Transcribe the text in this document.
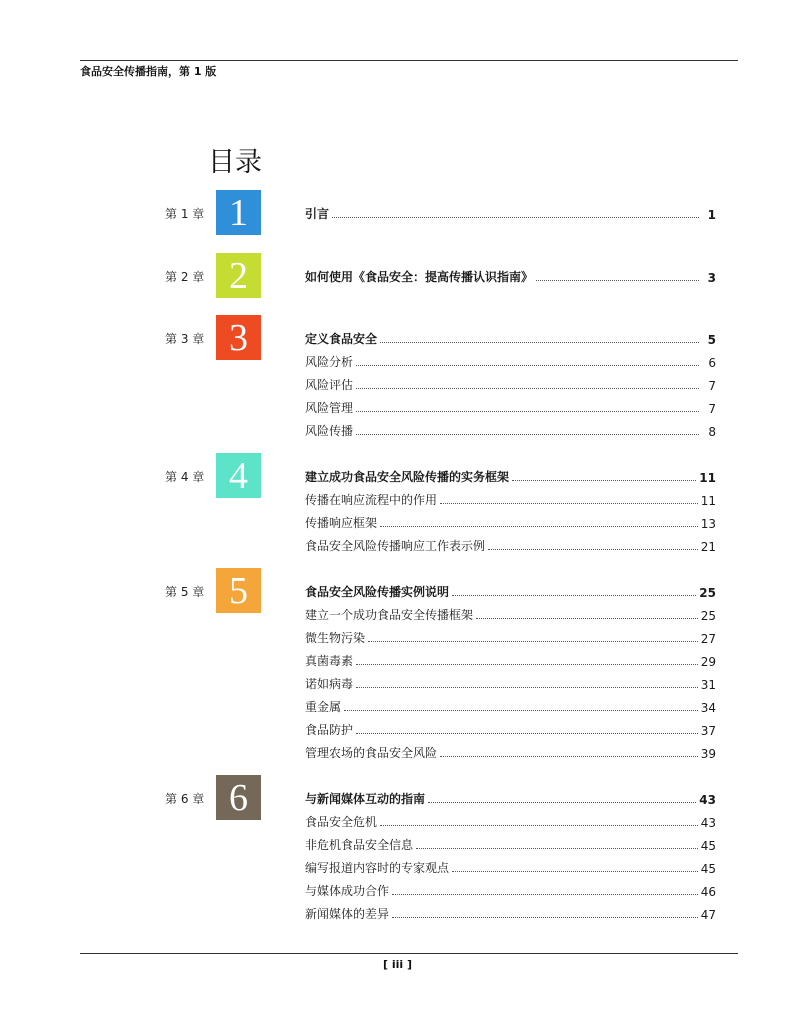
食品安全传播指南，第 1 版
目录
第 1 章 1	引言	1
第 2 章 2	如何使用《食品安全：提高传播认识指南》	3
第 3 章 3	定义食品安全	5
风险分析	6
风险评估	7
风险管理	7
风险传播	8
第 4 章 4	建立成功食品安全风险传播的实务框架	11
传播在响应流程中的作用	11
传播响应框架	13
食品安全风险传播响应工作表示例	21
第 5 章 5	食品安全风险传播实例说明	25
建立一个成功食品安全传播框架	25
微生物污染	27
真菌毒素	29
诺如病毒	31
重金属	34
食品防护	37
管理农场的食品安全风险	39
第 6 章 6	与新闻媒体互动的指南	43
食品安全危机	43
非危机食品安全信息	45
编写报道内容时的专家观点	45
与媒体成功合作	46
新闻媒体的差异	47
[ iii ]
